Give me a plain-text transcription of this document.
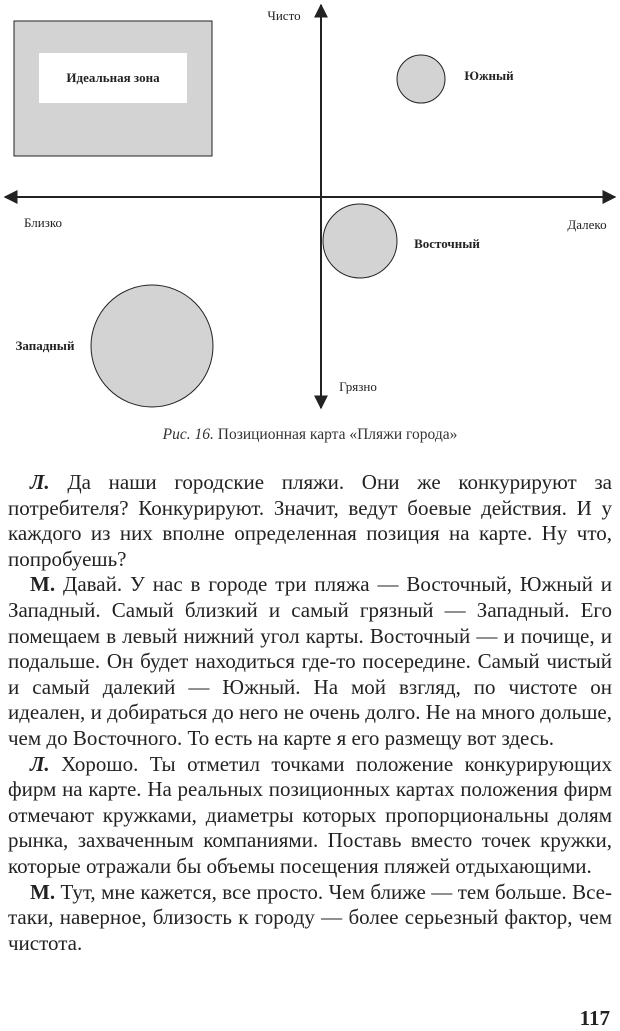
Идеальная зона
Чисто
Грязно
Близко	Далеко
Южный
Восточный
Западный
Рис. 16. Позиционная карта «Пляжи города»

Л. Да наши городские пляжи. Они же конкурируют за потребителя? Конкурируют. Значит, ведут боевые действия. И у каждого из них вполне определенная позиция на карте. Ну что, попробуешь?

М. Давай. У нас в городе три пляжа — Восточный, Южный и Западный. Самый близкий и самый грязный — Западный. Его помещаем в левый нижний угол карты. Восточный — и почище, и подальше. Он будет находиться где-то посередине. Самый чистый и самый далекий — Южный. На мой взгляд, по чистоте он идеален, и добираться до него не очень долго. Не на много дольше, чем до Восточного. То есть на карте я его размещу вот здесь.

Л. Хорошо. Ты отметил точками положение конкурирующих фирм на карте. На реальных позиционных картах положения фирм отмечают кружками, диаметры которых пропорциональны долям рынка, захваченным компаниями. Поставь вместо точек кружки, которые отражали бы объемы посещения пляжей отдыхающими.

М. Тут, мне кажется, все просто. Чем ближе — тем больше. Все-таки, наверное, близость к городу — более серьезный фактор, чем чистота.

117
